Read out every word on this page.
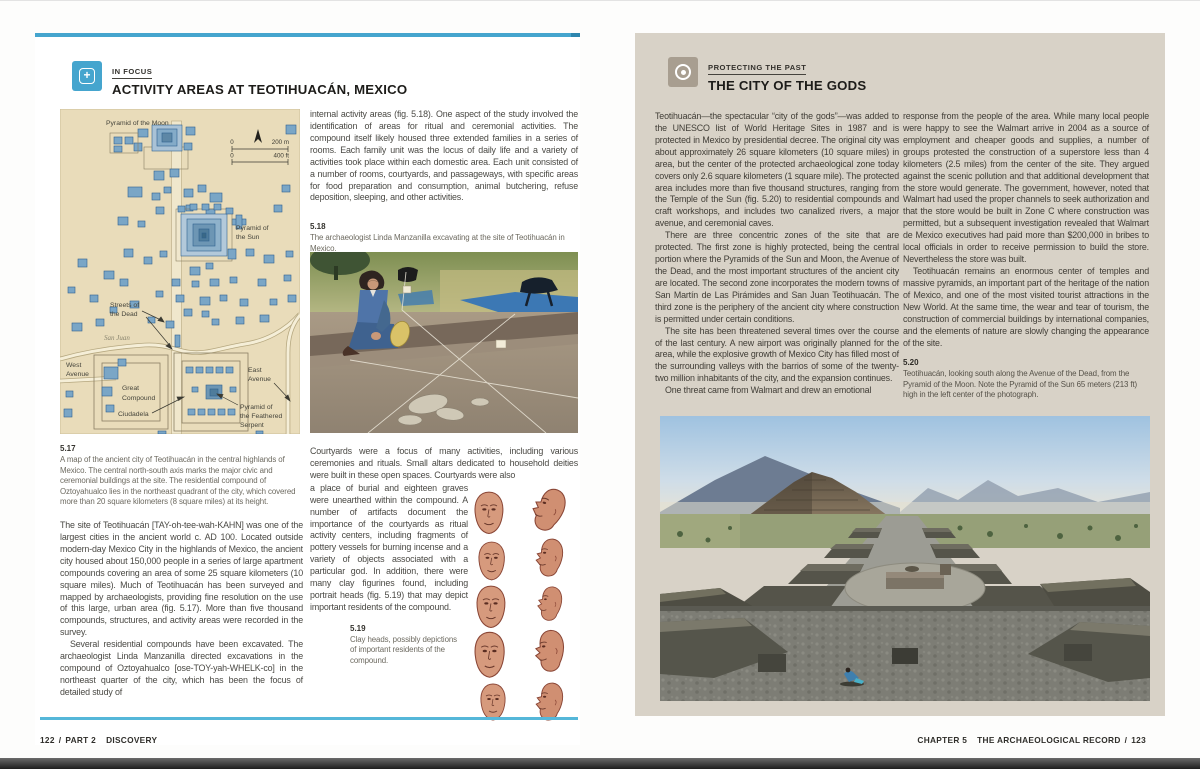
+	IN FOCUS
ACTIVITY AREAS AT TEOTIHUACÁN, MEXICO
0	200 m
0	400 ft
Pyramid of the Moon
Pyramid of
the Sun
Streets of
the Dead
San Juan
West
Avenue
East
Avenue
Great
Compound
Ciudadela
Pyramid of
the Feathered
Serpent
5.17
A map of the ancient city of Teotihuacán in the central highlands of Mexico. The central north-south axis marks the major civic and ceremonial buildings at the site. The residential compound of Oztoyahualco lies in the northeast quadrant of the city, which covered more than 20 square kilometers (8 square miles) at its height.

The site of Teotihuacán [TAY-oh-tee-wah-KAHN] was one of the largest cities in the ancient world c. AD 100. Located outside modern-day Mexico City in the highlands of Mexico, the ancient city housed about 150,000 people in a series of large apartment compounds covering an area of some 25 square kilometers (10 square miles). Much of Teotihuacán has been surveyed and mapped by archaeologists, providing fine resolution on the use of this large, urban area (fig. 5.17). More than five thousand compounds, structures, and activity areas were recorded in the survey.

Several residential compounds have been excavated. The archaeologist Linda Manzanilla directed excavations in the compound of Oztoyahualco [ose-TOY-yah-WHELK-co] in the northeast quarter of the city, which has been the focus of detailed study of

internal activity areas (fig. 5.18). One aspect of the study involved the identification of areas for ritual and ceremonial activities. The compound itself likely housed three extended families in a series of rooms. Each family unit was the locus of daily life and a variety of activities took place within each domestic area. Each unit consisted of a number of rooms, courtyards, and passageways, with specific areas for food preparation and consumption, animal butchering, refuse deposition, sleeping, and other activities.

5.18
The archaeologist Linda Manzanilla excavating at the site of Teotihuacán in Mexico.

Courtyards were a focus of many activities, including various ceremonies and rituals. Small altars dedicated to household deities were built in these open spaces. Courtyards were also

a place of burial and eighteen graves were unearthed within the compound. A number of artifacts document the importance of the courtyards as ritual activity centers, including fragments of pottery vessels for burning incense and a variety of objects associated with a particular god. In addition, there were many clay figurines found, including portrait heads (fig. 5.19) that may depict important residents of the compound.

5.19
Clay heads, possibly depictions of important residents of the compound.
PROTECTING THE PAST
THE CITY OF THE GODS

Teotihuacán—the spectacular “city of the gods”—was added to the UNESCO list of World Heritage Sites in 1987 and is protected in Mexico by presidential decree. The original city was about approximately 26 square kilometers (10 square miles) in area, but the center of the protected archaeological zone today covers only 2.6 square kilometers (1 square mile). The protected area includes more than five thousand structures, ranging from the Temple of the Sun (fig. 5.20) to residential compounds and craft workshops, and includes two canalized rivers, a major avenue, and ceremonial caves.

There are three concentric zones of the site that are protected. The first zone is highly protected, being the central portion where the Pyramids of the Sun and Moon, the Avenue of the Dead, and the most important structures of the ancient city are located. The second zone incorporates the modern towns of San Martín de Las Pirámides and San Juan Teotihuacán. The third zone is the periphery of the ancient city where construction is permitted under certain conditions.

The site has been threatened several times over the course of the last century. A new airport was originally planned for the area, while the explosive growth of Mexico City has filled most of the surrounding valleys with the barrios of some of the twenty-two million inhabitants of the city, and the expansion continues.

One threat came from Walmart and drew an emotional

response from the people of the area. While many local people were happy to see the Walmart arrive in 2004 as a source of employment and cheaper goods and supplies, a number of groups protested the construction of a superstore less than 4 kilometers (2.5 miles) from the center of the site. They argued against the scenic pollution and that additional development that the store would generate. The government, however, noted that Walmart had used the proper channels to seek authorization and that the store would be built in Zone C where construction was permitted, but a subsequent investigation revealed that Walmart de Mexico executives had paid more than $200,000 in bribes to local officials in order to receive permission to build the store. Nevertheless the store was built.

Teotihuacán remains an enormous center of temples and massive pyramids, an important part of the heritage of the nation of Mexico, and one of the most visited tourist attractions in the New World. At the same time, the wear and tear of tourism, the construction of commercial buildings by international companies, and the elements of nature are slowly changing the appearance of the site.

5.20
Teotihuacán, looking south along the Avenue of the Dead, from the Pyramid of the Moon. Note the Pyramid of the Sun 65 meters (213 ft) high in the left center of the photograph.
122 / PART 2 DISCOVERY	CHAPTER 5 THE ARCHAEOLOGICAL RECORD / 123
